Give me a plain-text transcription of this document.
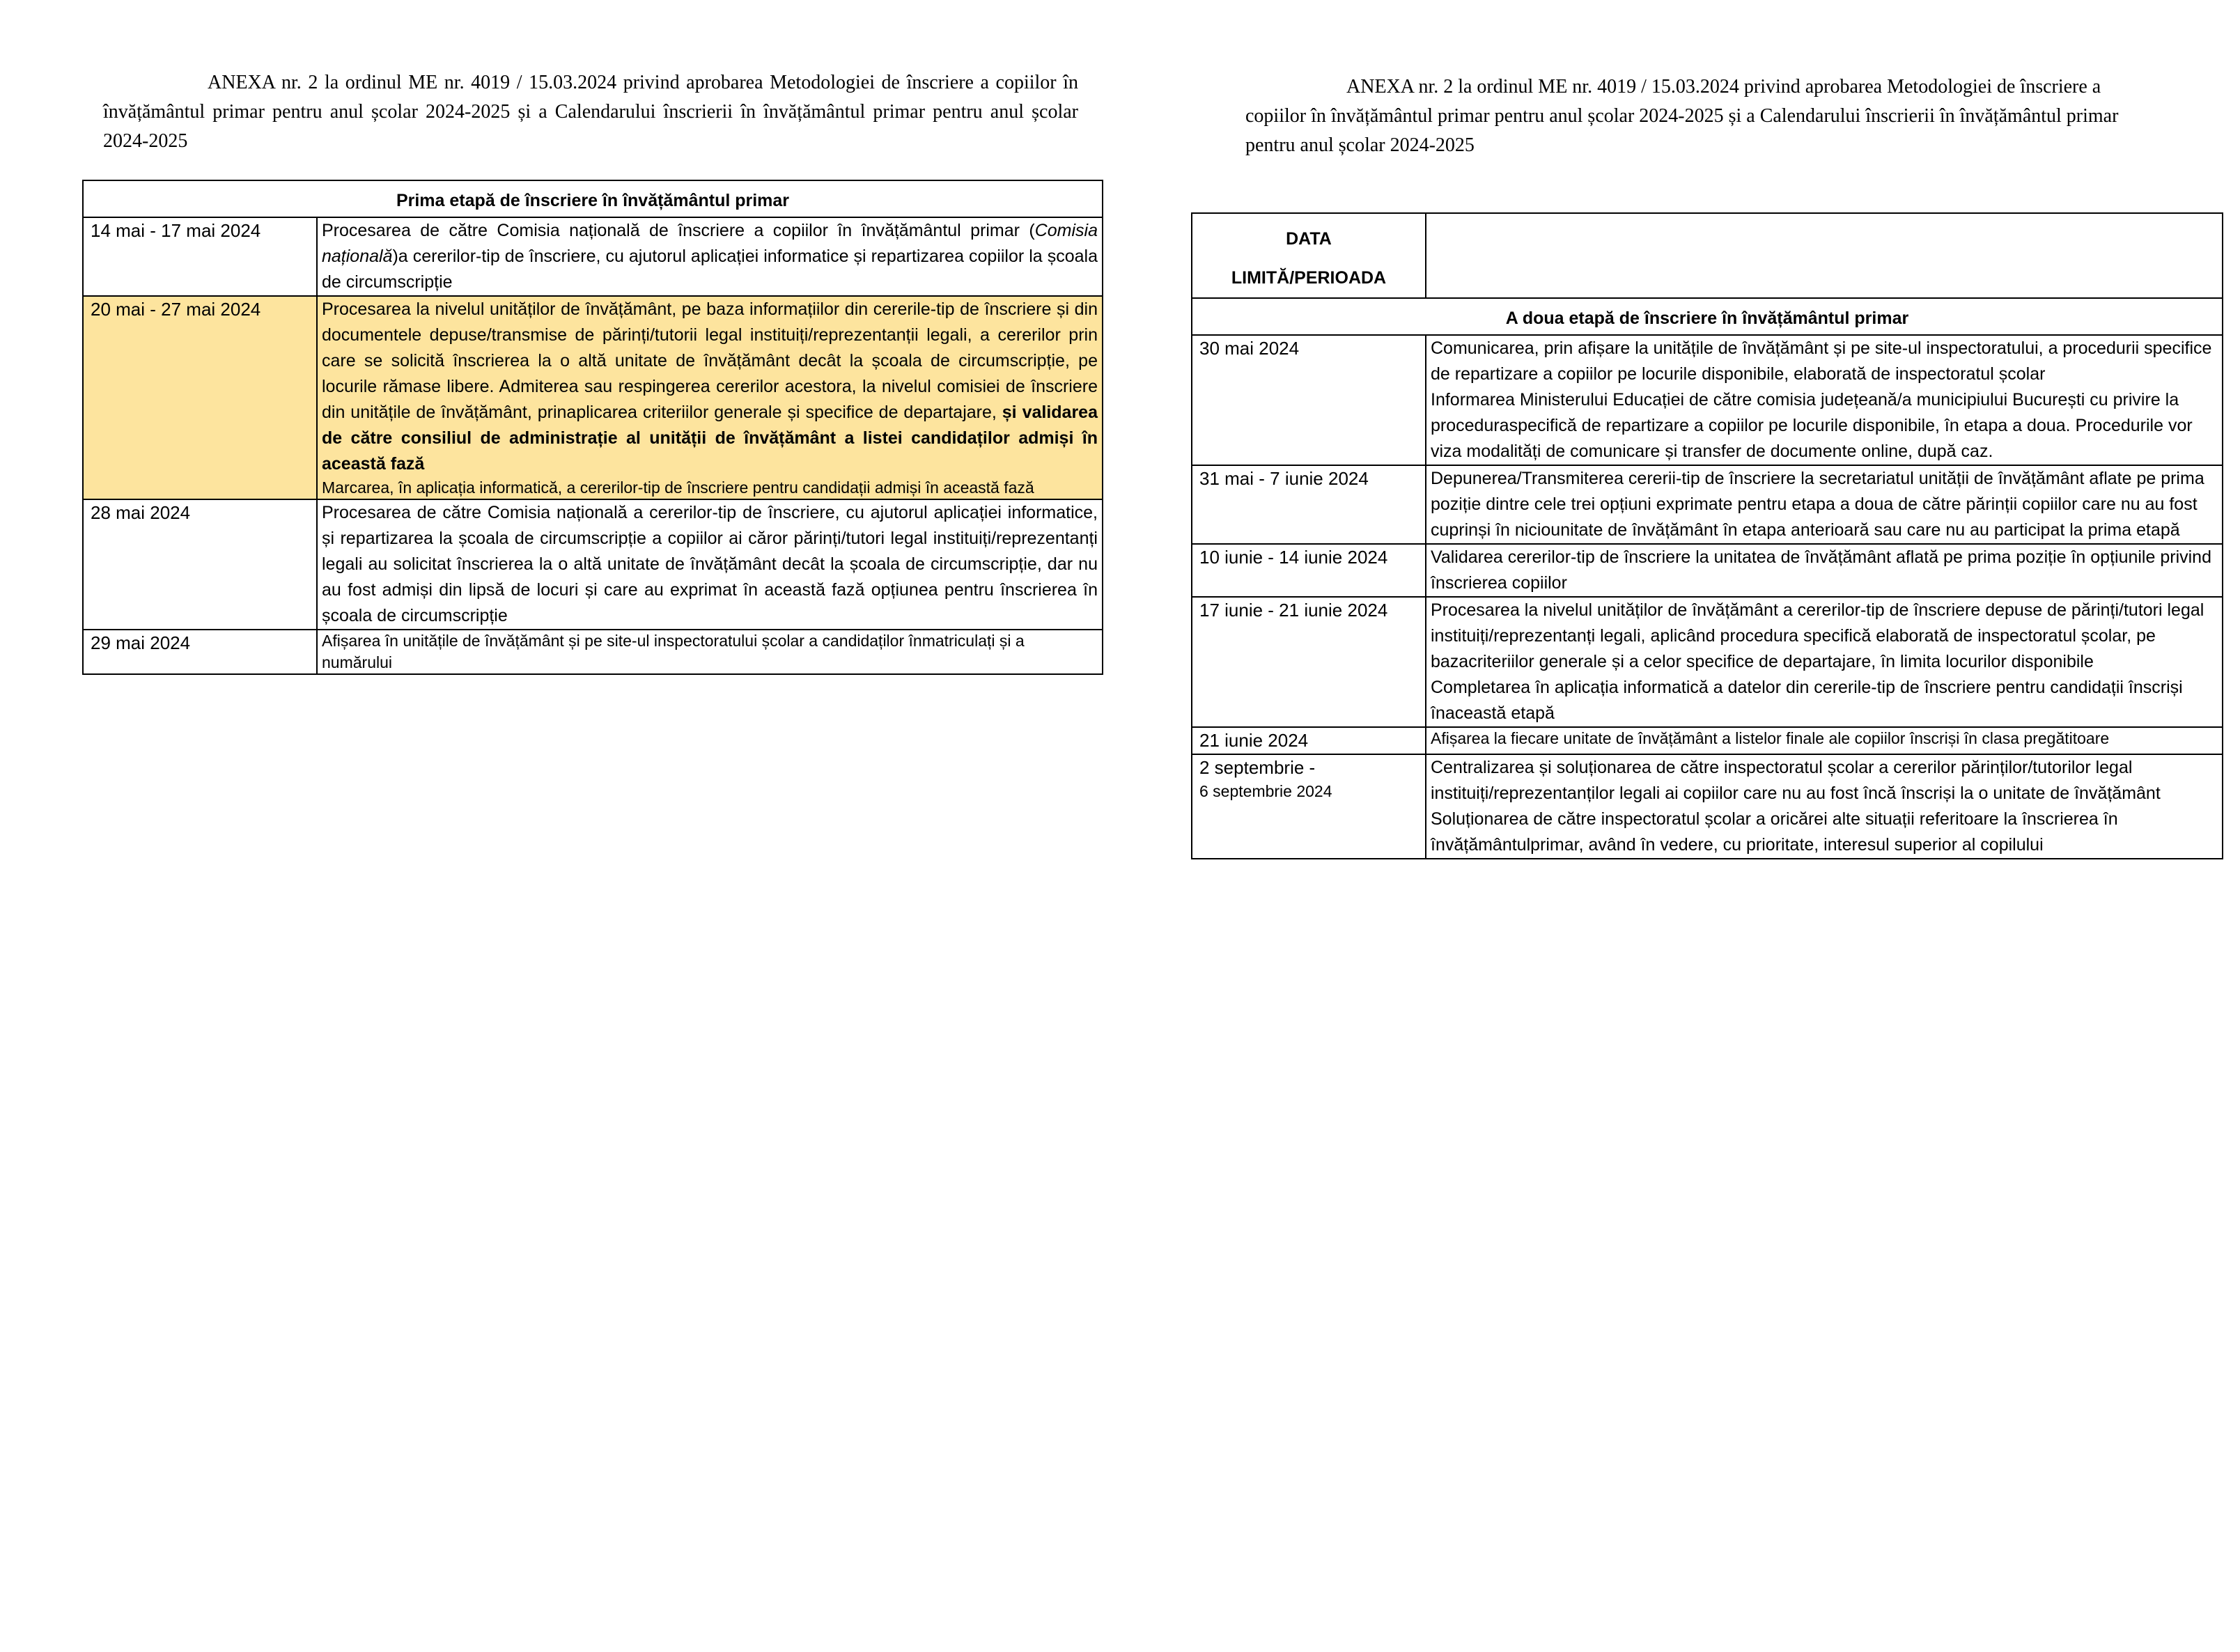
ANEXA nr. 2 la ordinul ME nr. 4019 / 15.03.2024 privind aprobarea Metodologiei de înscriere a copiilor în învățământul primar pentru anul școlar 2024-2025 și a Calendarului înscrierii în învățământul primar pentru anul școlar 2024-2025

Prima etapă de înscriere în învățământul primar	
14 mai - 17 mai 2024	Procesarea de către Comisia națională de înscriere a copiilor în învățământul primar (Comisia națională)a cererilor-tip de înscriere, cu ajutorul aplicației informatice și repartizarea copiilor la școala de circumscripție
20 mai - 27 mai 2024	Procesarea la nivelul unităților de învățământ, pe baza informațiilor din cererile-tip de înscriere și din documentele depuse/transmise de părinți/tutorii legal instituiți/reprezentanții legali, a cererilor prin care se solicită înscrierea la o altă unitate de învățământ decât la școala de circumscripție, pe locurile rămase libere. Admiterea sau respingerea cererilor acestora, la nivelul comisiei de înscriere din unitățile de învățământ, prinaplicarea criteriilor generale și specifice de departajare, și validarea de către consiliul de administrație al unității de învățământ a listei candidaților admiși în această fază
Marcarea, în aplicația informatică, a cererilor-tip de înscriere pentru candidații admiși în această fază

28 mai 2024	Procesarea de către Comisia națională a cererilor-tip de înscriere, cu ajutorul aplicației informatice, și repartizarea la școala de circumscripție a copiilor ai căror părinți/tutori legal instituiți/reprezentanți legali au solicitat înscrierea la o altă unitate de învățământ decât la școala de circumscripție, dar nu au fost admiși din lipsă de locuri și care au exprimat în această fază opțiunea pentru înscrierea în școala de circumscripție
29 mai 2024	Afișarea în unitățile de învățământ și pe site-ul inspectoratului școlar a candidaților înmatriculați și a numărului

ANEXA nr. 2 la ordinul ME nr. 4019 / 15.03.2024 privind aprobarea Metodologiei de înscriere a copiilor în învățământul primar pentru anul școlar 2024-2025 și a Calendarului înscrierii în învățământul primar pentru anul școlar 2024-2025

DATA
LIMITĂ/PERIOADA	

A doua etapă de înscriere în învățământul primar	
30 mai 2024	Comunicarea, prin afișare la unitățile de învățământ și pe site-ul inspectoratului, a procedurii specifice de repartizare a copiilor pe locurile disponibile, elaborată de inspectoratul școlar
Informarea Ministerului Educației de către comisia județeană/a municipiului București cu privire la proceduraspecifică de repartizare a copiilor pe locurile disponibile, în etapa a doua. Procedurile vor viza modalități de comunicare și transfer de documente online, după caz.

31 mai - 7 iunie 2024	Depunerea/Transmiterea cererii-tip de înscriere la secretariatul unității de învățământ aflate pe prima poziție dintre cele trei opțiuni exprimate pentru etapa a doua de către părinții copiilor care nu au fost cuprinși în niciounitate de învățământ în etapa anterioară sau care nu au participat la prima etapă
10 iunie - 14 iunie 2024	Validarea cererilor-tip de înscriere la unitatea de învățământ aflată pe prima poziție în opțiunile privind înscrierea copiilor
17 iunie - 21 iunie 2024	Procesarea la nivelul unităților de învățământ a cererilor-tip de înscriere depuse de părinți/tutori legal instituiți/reprezentanți legali, aplicând procedura specifică elaborată de inspectoratul școlar, pe bazacriteriilor generale și a celor specifice de departajare, în limita locurilor disponibile
Completarea în aplicația informatică a datelor din cererile-tip de înscriere pentru candidații înscriși înaceastă etapă

21 iunie 2024	Afișarea la fiecare unitate de învățământ a listelor finale ale copiilor înscriși în clasa pregătitoare

2 septembrie -
6 septembrie 2024	Centralizarea și soluționarea de către inspectoratul școlar a cererilor părinților/tutorilor legal instituiți/reprezentanților legali ai copiilor care nu au fost încă înscriși la o unitate de învățământ Soluționarea de către inspectoratul școlar a oricărei alte situații referitoare la înscrierea în învățământulprimar, având în vedere, cu prioritate, interesul superior al copilului
